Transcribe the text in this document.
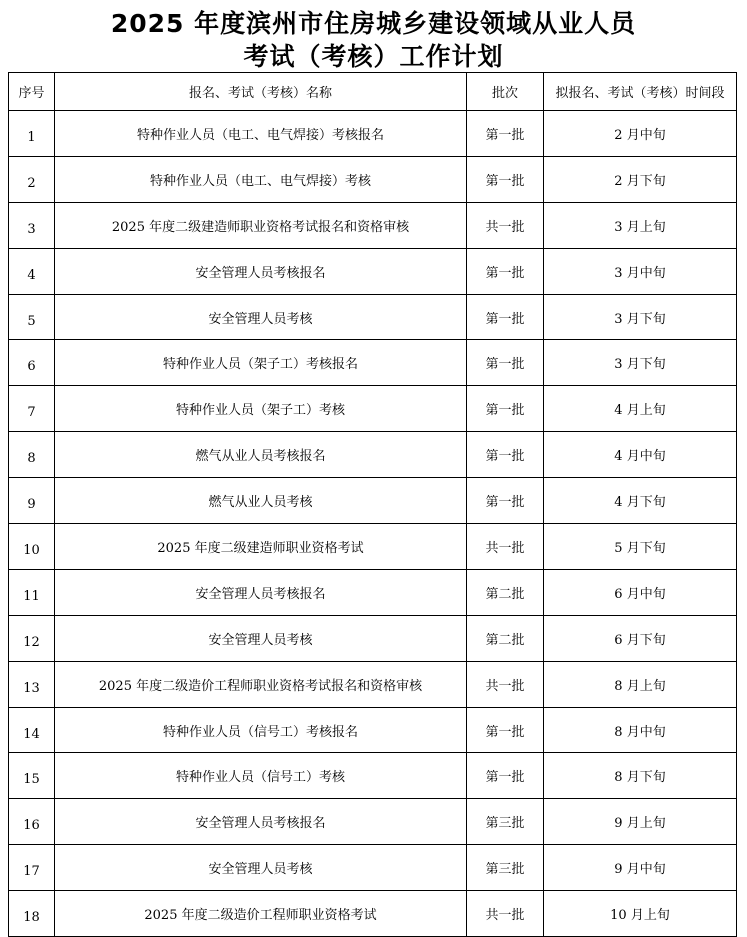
2025 年度滨州市住房城乡建设领域从业人员
考试（考核）工作计划
序号	报名、考试（考核）名称	批次	拟报名、考试（考核）时间段
1	特种作业人员（电工、电气焊接）考核报名	第一批	2 月中旬
2	特种作业人员（电工、电气焊接）考核	第一批	2 月下旬
3	2025 年度二级建造师职业资格考试报名和资格审核	共一批	3 月上旬
4	安全管理人员考核报名	第一批	3 月中旬
5	安全管理人员考核	第一批	3 月下旬
6	特种作业人员（架子工）考核报名	第一批	3 月下旬
7	特种作业人员（架子工）考核	第一批	4 月上旬
8	燃气从业人员考核报名	第一批	4 月中旬
9	燃气从业人员考核	第一批	4 月下旬
10	2025 年度二级建造师职业资格考试	共一批	5 月下旬
11	安全管理人员考核报名	第二批	6 月中旬
12	安全管理人员考核	第二批	6 月下旬
13	2025 年度二级造价工程师职业资格考试报名和资格审核	共一批	8 月上旬
14	特种作业人员（信号工）考核报名	第一批	8 月中旬
15	特种作业人员（信号工）考核	第一批	8 月下旬
16	安全管理人员考核报名	第三批	9 月上旬
17	安全管理人员考核	第三批	9 月中旬
18	2025 年度二级造价工程师职业资格考试	共一批	10 月上旬
